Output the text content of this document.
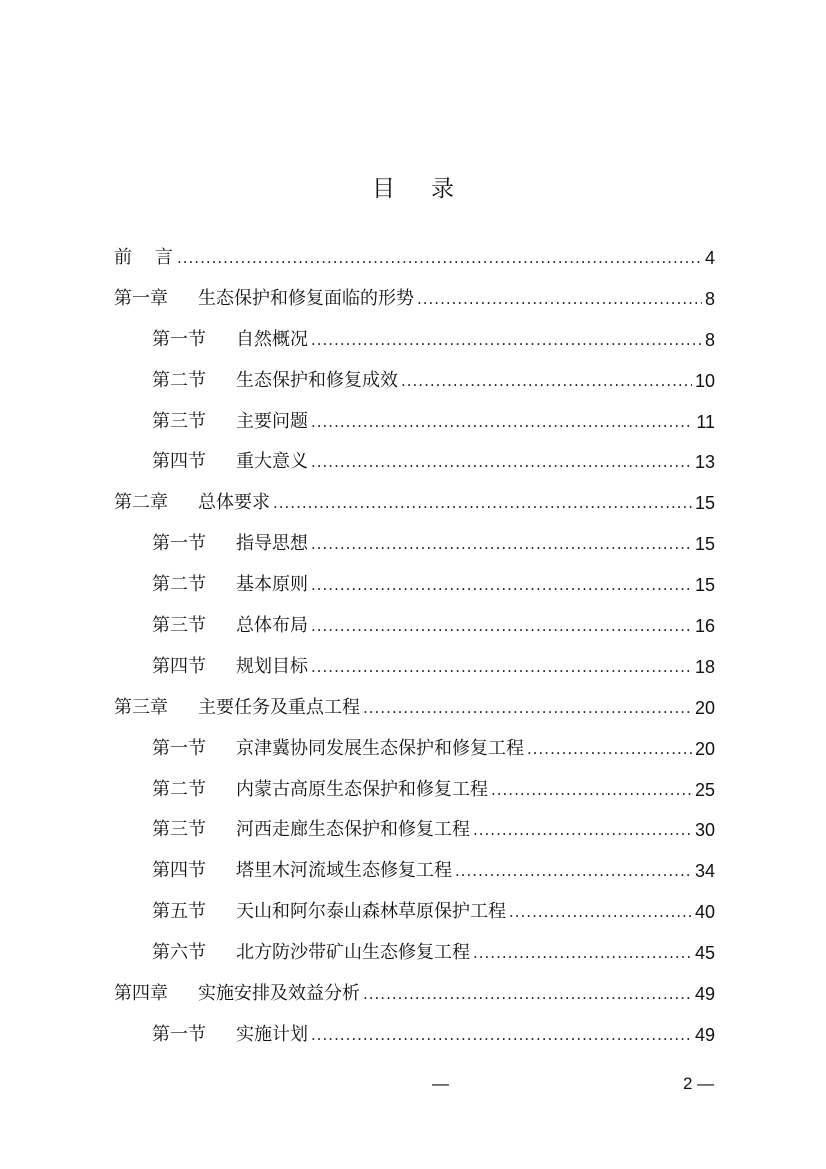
目 录
前    言 .....	4
第一章 生态保护和修复面临的形势 .....	8
第一节 自然概况 .....	8
第二节 生态保护和修复成效 .....	10
第三节 主要问题 .....	11
第四节 重大意义 .....	13
第二章 总体要求 .....	15
第一节 指导思想 .....	15
第二节 基本原则 .....	15
第三节 总体布局 .....	16
第四节 规划目标 .....	18
第三章 主要任务及重点工程 .....	20
第一节 京津冀协同发展生态保护和修复工程 .....	20
第二节 内蒙古高原生态保护和修复工程 .....	25
第三节 河西走廊生态保护和修复工程 .....	30
第四节 塔里木河流域生态修复工程 .....	34
第五节 天山和阿尔泰山森林草原保护工程 .....	40
第六节 北方防沙带矿山生态修复工程 .....	45
第四章 实施安排及效益分析 .....	49
第一节 实施计划 .....	49
—	2 —
